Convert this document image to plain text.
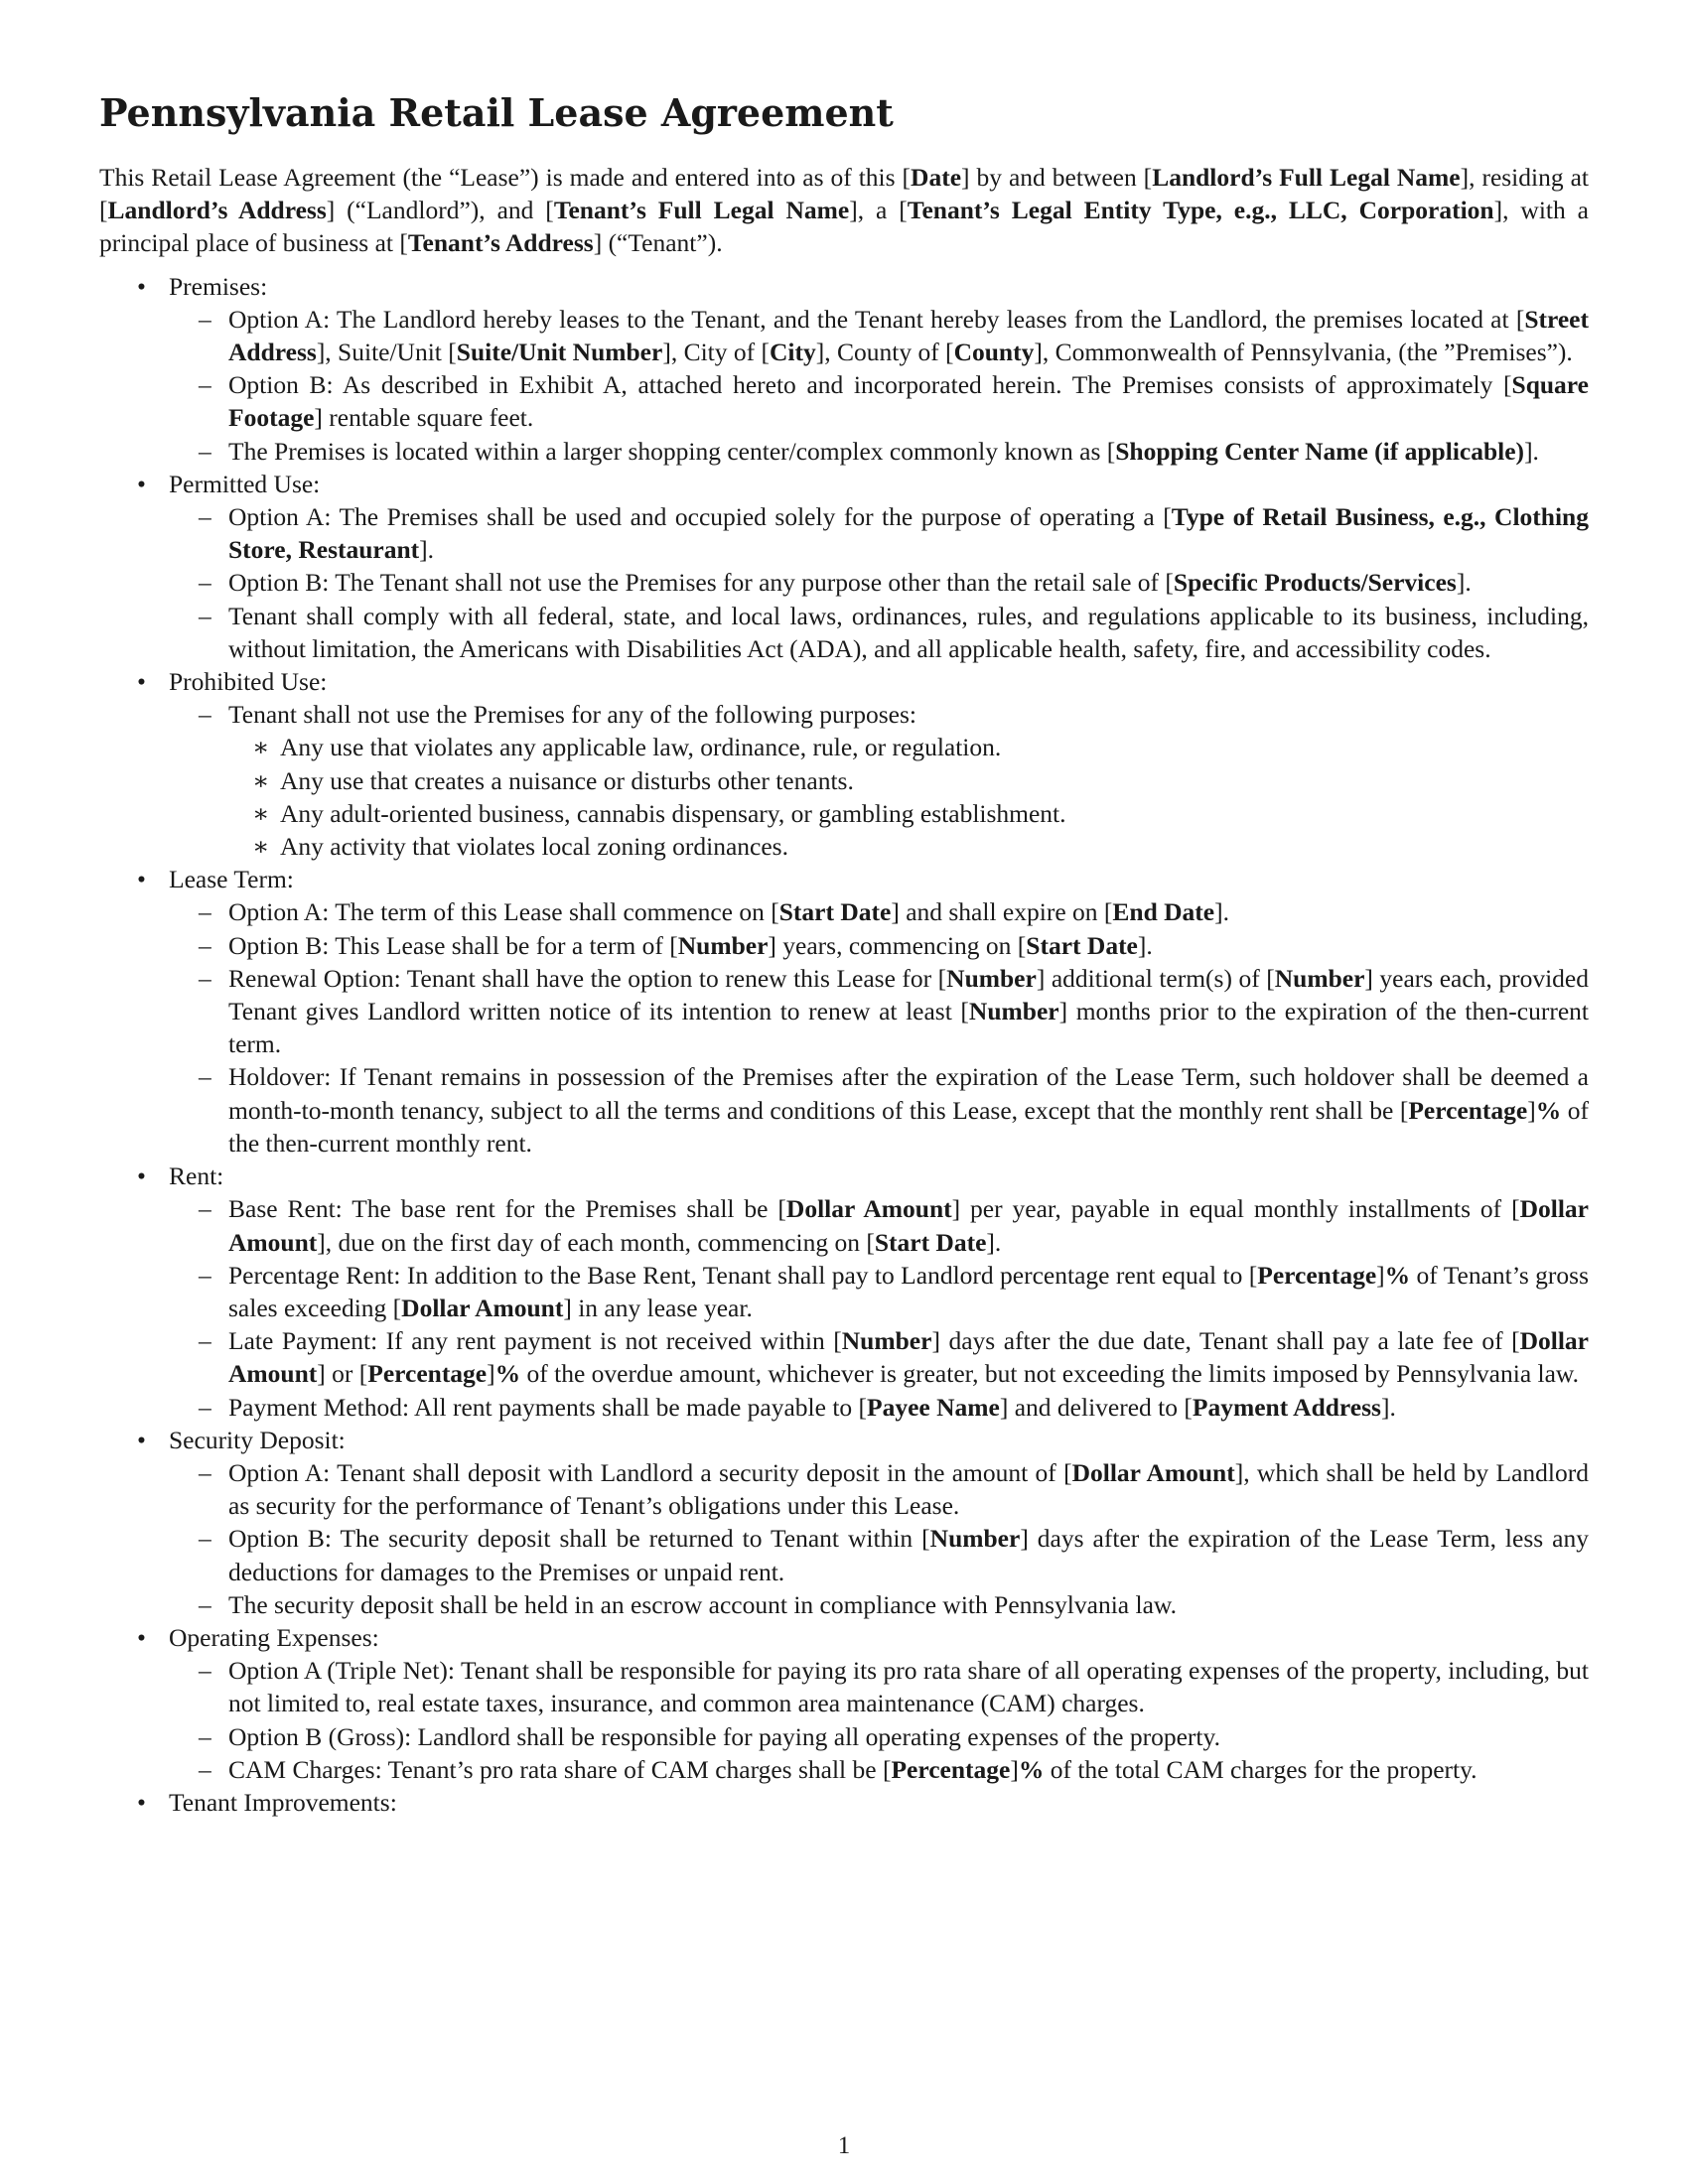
Pennsylvania Retail Lease Agreement

This Retail Lease Agreement (the “Lease”) is made and entered into as of this [Date] by and between [Landlord’s Full Legal Name], residing at [Landlord’s Address] (“Landlord”), and [Tenant’s Full Legal Name], a [Tenant’s Legal Entity Type, e.g., LLC, Corporation], with a principal place of business at [Tenant’s Address] (“Tenant”).

• Premises:
– Option A: The Landlord hereby leases to the Tenant, and the Tenant hereby leases from the Landlord, the premises located at [Street Address], Suite/Unit [Suite/Unit Number], City of [City], County of [County], Commonwealth of Pennsylvania, (the ”Premises”).
– Option B: As described in Exhibit A, attached hereto and incorporated herein. The Premises consists of approximately [Square Footage] rentable square feet.
– The Premises is located within a larger shopping center/complex commonly known as [Shopping Center Name (if applicable)].
• Permitted Use:
– Option A: The Premises shall be used and occupied solely for the purpose of operating a [Type of Retail Business, e.g., Clothing Store, Restaurant].
– Option B: The Tenant shall not use the Premises for any purpose other than the retail sale of [Specific Products/Services].
– Tenant shall comply with all federal, state, and local laws, ordinances, rules, and regulations applicable to its business, including, without limitation, the Americans with Disabilities Act (ADA), and all applicable health, safety, fire, and accessibility codes.
• Prohibited Use:
– Tenant shall not use the Premises for any of the following purposes:
∗ Any use that violates any applicable law, ordinance, rule, or regulation.
∗ Any use that creates a nuisance or disturbs other tenants.
∗ Any adult-oriented business, cannabis dispensary, or gambling establishment.
∗ Any activity that violates local zoning ordinances.
• Lease Term:
– Option A: The term of this Lease shall commence on [Start Date] and shall expire on [End Date].
– Option B: This Lease shall be for a term of [Number] years, commencing on [Start Date].
– Renewal Option: Tenant shall have the option to renew this Lease for [Number] additional term(s) of [Number] years each, provided Tenant gives Landlord written notice of its intention to renew at least [Number] months prior to the expiration of the then-current term.
– Holdover: If Tenant remains in possession of the Premises after the expiration of the Lease Term, such holdover shall be deemed a month-to-month tenancy, subject to all the terms and conditions of this Lease, except that the monthly rent shall be [Percentage]% of the then-current monthly rent.
• Rent:
– Base Rent: The base rent for the Premises shall be [Dollar Amount] per year, payable in equal monthly installments of [Dollar Amount], due on the first day of each month, commencing on [Start Date].
– Percentage Rent: In addition to the Base Rent, Tenant shall pay to Landlord percentage rent equal to [Percentage]% of Tenant’s gross sales exceeding [Dollar Amount] in any lease year.
– Late Payment: If any rent payment is not received within [Number] days after the due date, Tenant shall pay a late fee of [Dollar Amount] or [Percentage]% of the overdue amount, whichever is greater, but not exceeding the limits imposed by Pennsylvania law.
– Payment Method: All rent payments shall be made payable to [Payee Name] and delivered to [Payment Address].
• Security Deposit:
– Option A: Tenant shall deposit with Landlord a security deposit in the amount of [Dollar Amount], which shall be held by Landlord as security for the performance of Tenant’s obligations under this Lease.
– Option B: The security deposit shall be returned to Tenant within [Number] days after the expiration of the Lease Term, less any deductions for damages to the Premises or unpaid rent.
– The security deposit shall be held in an escrow account in compliance with Pennsylvania law.
• Operating Expenses:
– Option A (Triple Net): Tenant shall be responsible for paying its pro rata share of all operating expenses of the property, including, but not limited to, real estate taxes, insurance, and common area maintenance (CAM) charges.
– Option B (Gross): Landlord shall be responsible for paying all operating expenses of the property.
– CAM Charges: Tenant’s pro rata share of CAM charges shall be [Percentage]% of the total CAM charges for the property.
• Tenant Improvements:
1
